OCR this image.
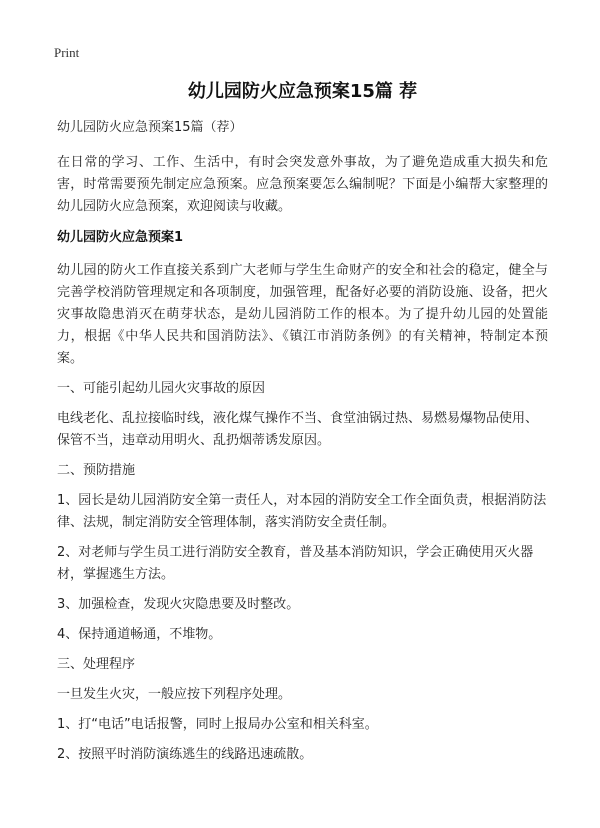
Print
幼儿园防火应急预案15篇 荐
幼儿园防火应急预案15篇（荐）
在日常的学习、工作、生活中，有时会突发意外事故，为了避免造成重大损失和危害，时常需要预先制定应急预案。应急预案要怎么编制呢？下面是小编帮大家整理的幼儿园防火应急预案，欢迎阅读与收藏。
幼儿园防火应急预案1
幼儿园的防火工作直接关系到广大老师与学生生命财产的安全和社会的稳定，健全与完善学校消防管理规定和各项制度，加强管理，配备好必要的消防设施、设备，把火灾事故隐患消灭在萌芽状态，是幼儿园消防工作的根本。为了提升幼儿园的处置能力，根据《中华人民共和国消防法》、《镇江市消防条例》的有关精神，特制定本预案。
一、可能引起幼儿园火灾事故的原因
电线老化、乱拉接临时线，液化煤气操作不当、食堂油锅过热、易燃易爆物品使用、保管不当，违章动用明火、乱扔烟蒂诱发原因。
二、预防措施
1、园长是幼儿园消防安全第一责任人，对本园的消防安全工作全面负责，根据消防法律、法规，制定消防安全管理体制，落实消防安全责任制。
2、对老师与学生员工进行消防安全教育，普及基本消防知识，学会正确使用灭火器材，掌握逃生方法。
3、加强检查，发现火灾隐患要及时整改。
4、保持通道畅通，不堆物。
三、处理程序
一旦发生火灾，一般应按下列程序处理。
1、打“电话”电话报警，同时上报局办公室和相关科室。
2、按照平时消防演练逃生的线路迅速疏散。
